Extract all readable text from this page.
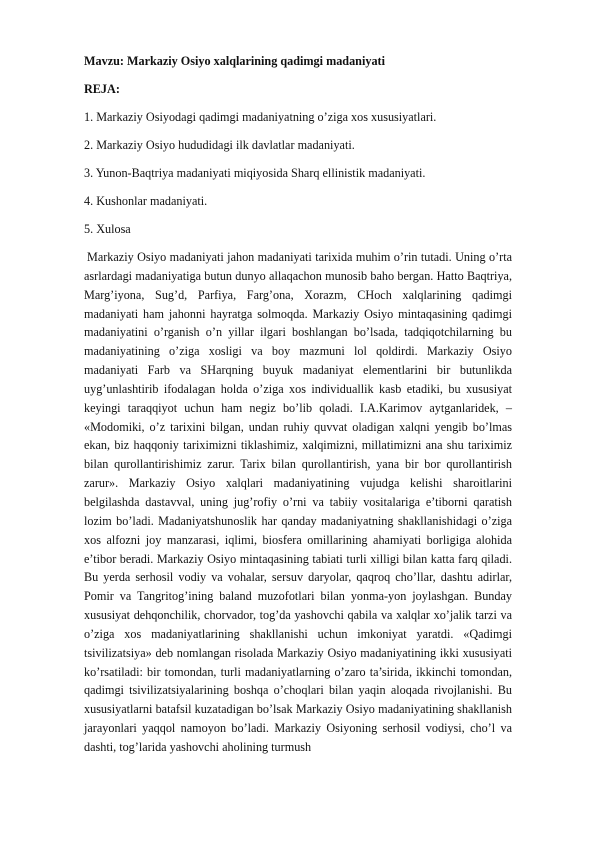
Mavzu: Markaziy Osiyo xalqlarining qadimgi madaniyati

REJA:

1. Markaziy Osiyodagi qadimgi madaniyatning o’ziga xos xususiyatlari.

2. Markaziy Osiyo hududidagi ilk davlatlar madaniyati.

3. Yunon-Baqtriya madaniyati miqiyosida Sharq ellinistik madaniyati.

4. Kushonlar madaniyati.

5. Xulosa

Markaziy Osiyo madaniyati jahon madaniyati tarixida muhim o’rin tutadi. Uning o’rta asrlardagi madaniyatiga butun dunyo allaqachon munosib baho bergan. Hatto Baqtriya, Marg’iyona, Sug’d, Parfiya, Farg’ona, Xorazm, CHoch xalqlarining qadimgi madaniyati ham jahonni hayratga solmoqda. Markaziy Osiyo mintaqasining qadimgi madaniyatini o’rganish o’n yillar ilgari boshlangan bo’lsada, tadqiqotchilarning bu madaniyatining o’ziga xosligi va boy mazmuni lol qoldirdi. Markaziy Osiyo madaniyati Farb va SHarqning buyuk madaniyat elementlarini bir butunlikda uyg’unlashtirib ifodalagan holda o’ziga xos individuallik kasb etadiki, bu xususiyat keyingi taraqqiyot uchun ham negiz bo’lib qoladi. I.A.Karimov aytganlaridek, – «Modomiki, o’z tarixini bilgan, undan ruhiy quvvat oladigan xalqni yengib bo’lmas ekan, biz haqqoniy tariximizni tiklashimiz, xalqimizni, millatimizni ana shu tariximiz bilan qurollantirishimiz zarur. Tarix bilan qurollantirish, yana bir bor qurollantirish zarur». Markaziy Osiyo xalqlari madaniyatining vujudga kelishi sharoitlarini belgilashda dastavval, uning jug’rofiy o’rni va tabiiy vositalariga e’tiborni qaratish lozim bo’ladi. Madaniyatshunoslik har qanday madaniyatning shakllanishidagi o’ziga xos alfozni joy manzarasi, iqlimi, biosfera omillarining ahamiyati borligiga alohida e’tibor beradi. Markaziy Osiyo mintaqasining tabiati turli xilligi bilan katta farq qiladi. Bu yerda serhosil vodiy va vohalar, sersuv daryolar, qaqroq cho’llar, dashtu adirlar, Pomir va Tangritog’ining baland muzofotlari bilan yonma-yon joylashgan. Bunday xususiyat dehqonchilik, chorvador, tog’da yashovchi qabila va xalqlar xo’jalik tarzi va o’ziga xos madaniyatlarining shakllanishi uchun imkoniyat yaratdi. «Qadimgi tsivilizatsiya» deb nomlangan risolada Markaziy Osiyo madaniyatining ikki xususiyati ko’rsatiladi: bir tomondan, turli madaniyatlarning o’zaro ta’sirida, ikkinchi tomondan, qadimgi tsivilizatsiyalarining boshqa o’choqlari bilan yaqin aloqada rivojlanishi. Bu xususiyatlarni batafsil kuzatadigan bo’lsak Markaziy Osiyo madaniyatining shakllanish jarayonlari yaqqol namoyon bo’ladi. Markaziy Osiyoning serhosil vodiysi, cho’l va dashti, tog’larida yashovchi aholining turmush
